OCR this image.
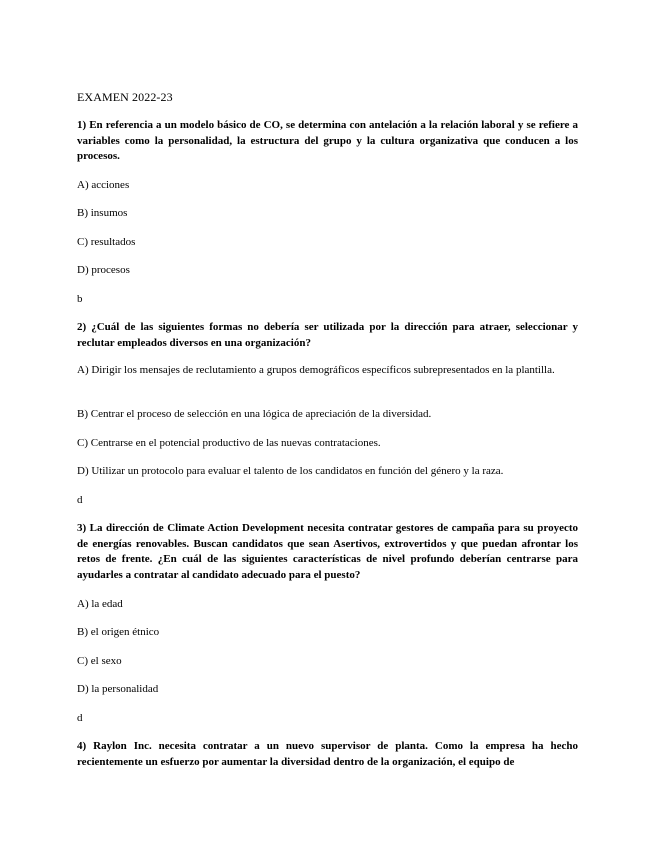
EXAMEN 2022-23
1) En referencia a un modelo básico de CO, se determina con antelación a la relación laboral y se refiere a variables como la personalidad, la estructura del grupo y la cultura organizativa que conducen a los procesos.
A) acciones
B) insumos
C) resultados
D) procesos
b
2) ¿Cuál de las siguientes formas no debería ser utilizada por la dirección para atraer, seleccionar y reclutar empleados diversos en una organización?
A) Dirigir los mensajes de reclutamiento a grupos demográficos específicos subrepresentados en la plantilla.
B) Centrar el proceso de selección en una lógica de apreciación de la diversidad.
C) Centrarse en el potencial productivo de las nuevas contrataciones.
D) Utilizar un protocolo para evaluar el talento de los candidatos en función del género y la raza.
d
3) La dirección de Climate Action Development necesita contratar gestores de campaña para su proyecto de energías renovables. Buscan candidatos que sean Asertivos, extrovertidos y que puedan afrontar los retos de frente. ¿En cuál de las siguientes características de nivel profundo deberían centrarse para ayudarles a contratar al candidato adecuado para el puesto?
A) la edad
B) el origen étnico
C) el sexo
D) la personalidad
d
4) Raylon Inc. necesita contratar a un nuevo supervisor de planta. Como la empresa ha hecho recientemente un esfuerzo por aumentar la diversidad dentro de la organización, el equipo de
